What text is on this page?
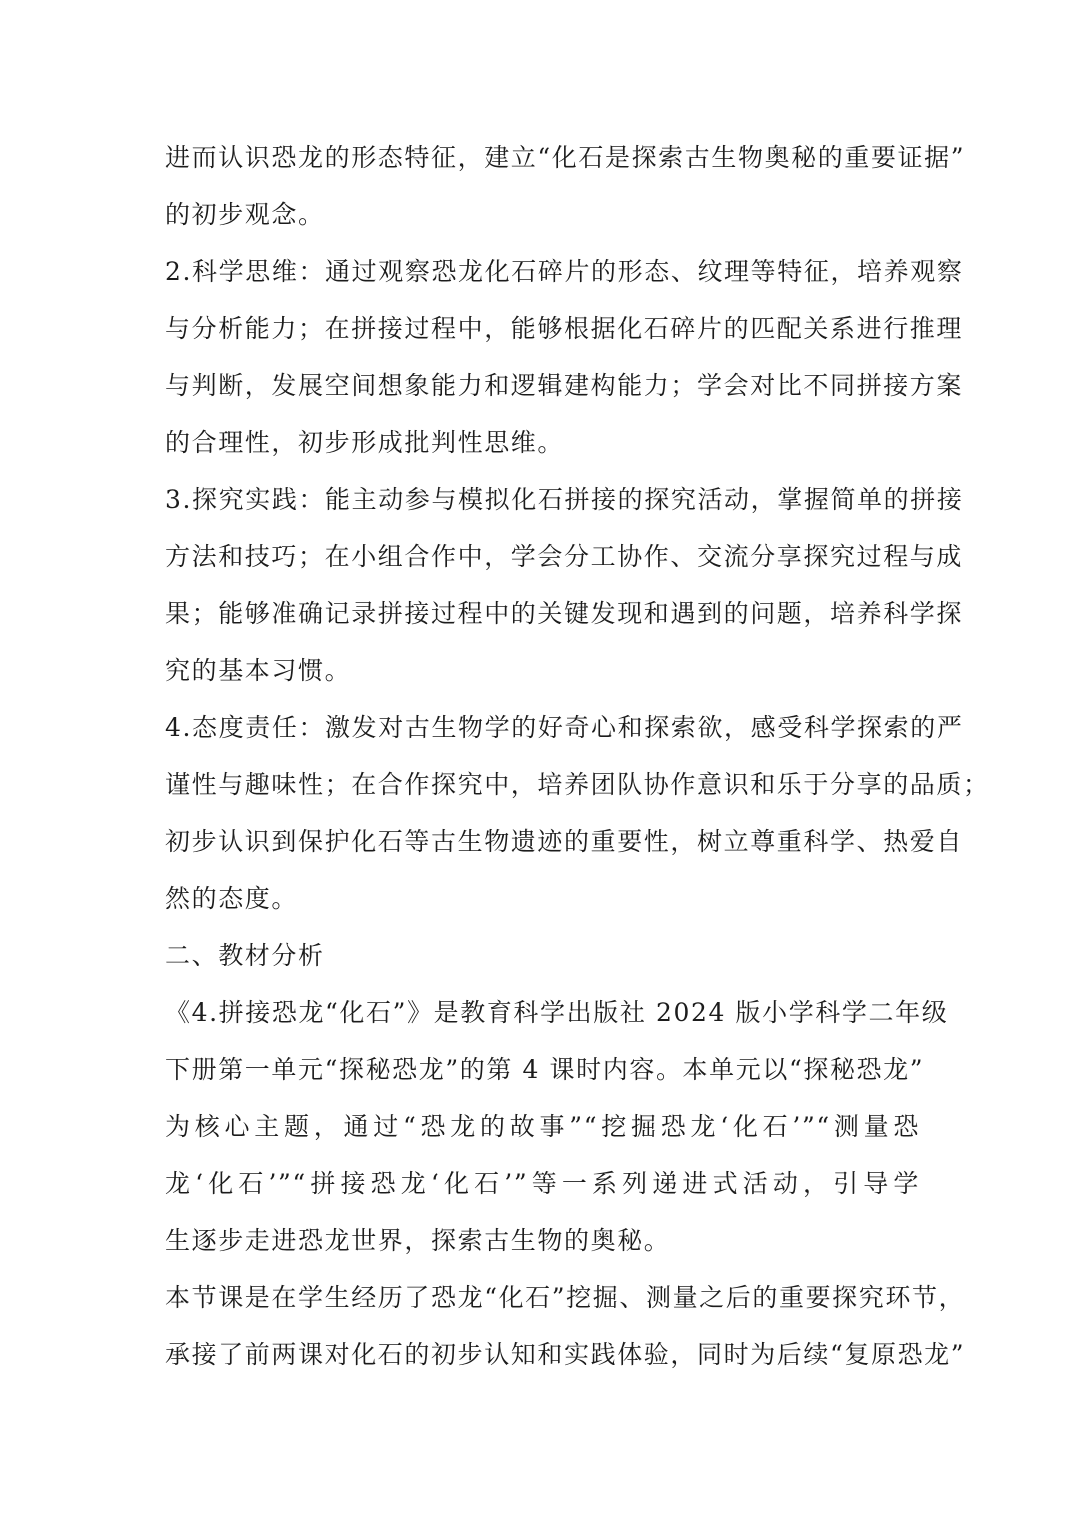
进而认识恐龙的形态特征，建立“化石是探索古生物奥秘的重要证据”
的初步观念。
2.科学思维：通过观察恐龙化石碎片的形态、纹理等特征，培养观察
与分析能力；在拼接过程中，能够根据化石碎片的匹配关系进行推理
与判断，发展空间想象能力和逻辑建构能力；学会对比不同拼接方案
的合理性，初步形成批判性思维。
3.探究实践：能主动参与模拟化石拼接的探究活动，掌握简单的拼接
方法和技巧；在小组合作中，学会分工协作、交流分享探究过程与成
果；能够准确记录拼接过程中的关键发现和遇到的问题，培养科学探
究的基本习惯。
4.态度责任：激发对古生物学的好奇心和探索欲，感受科学探索的严
谨性与趣味性；在合作探究中，培养团队协作意识和乐于分享的品质；
初步认识到保护化石等古生物遗迹的重要性，树立尊重科学、热爱自
然的态度。
二、教材分析
《4.拼接恐龙“化石”》是教育科学出版社 2024 版小学科学二年级
下册第一单元“探秘恐龙”的第 4 课时内容。本单元以“探秘恐龙”
为核心主题，通过“恐龙的故事”“挖掘恐龙‘化石’”“测量恐
龙‘化石’”“拼接恐龙‘化石’”等一系列递进式活动，引导学
生逐步走进恐龙世界，探索古生物的奥秘。
本节课是在学生经历了恐龙“化石”挖掘、测量之后的重要探究环节，
承接了前两课对化石的初步认知和实践体验，同时为后续“复原恐龙”
